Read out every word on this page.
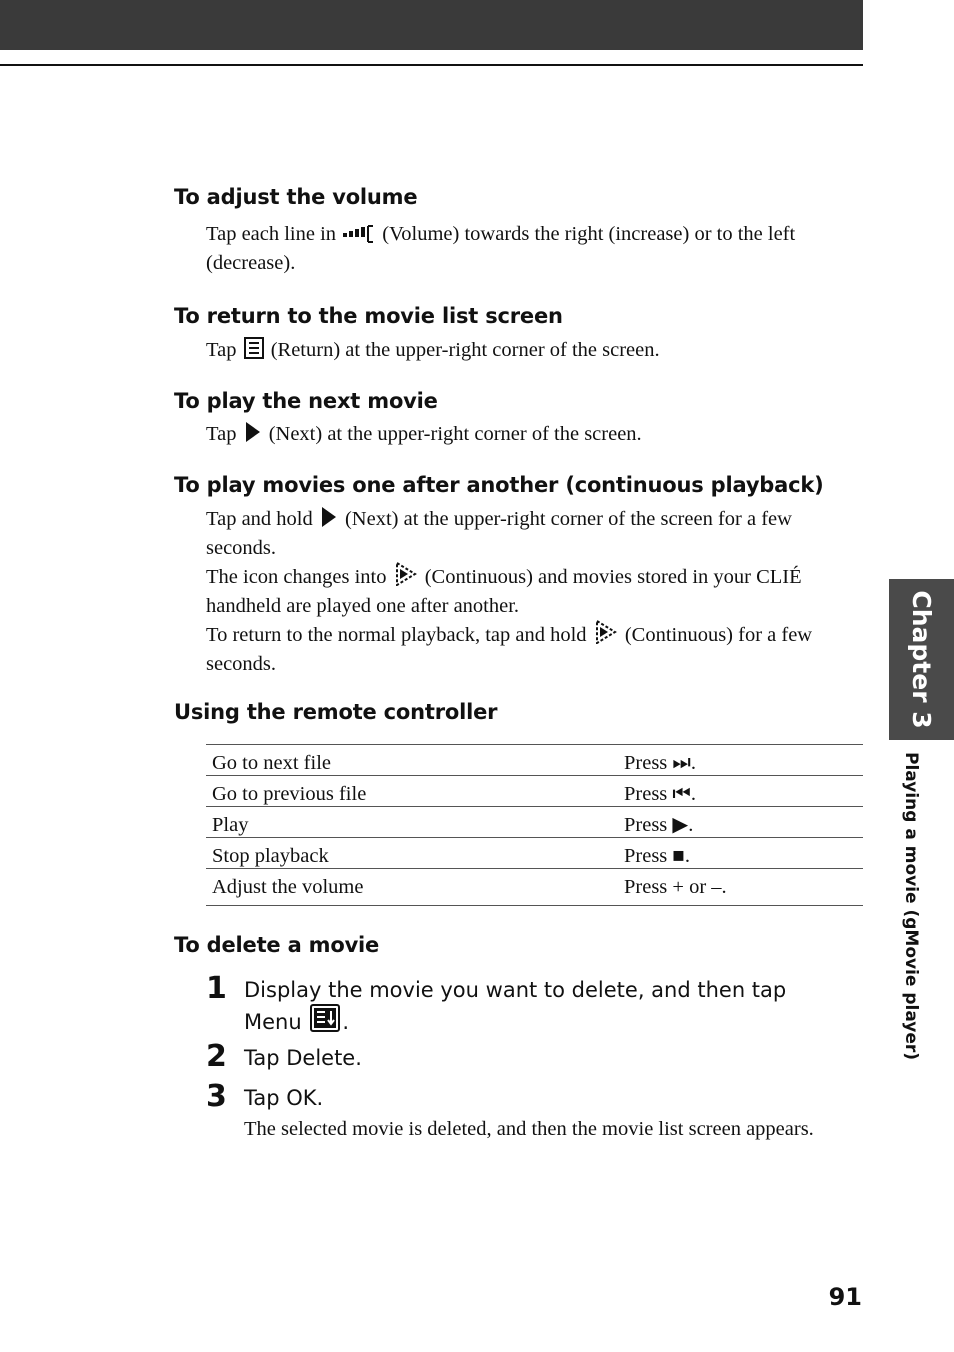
To adjust the volume

Tap each line in (Volume) towards the right (increase) or to the left (decrease).

To return to the movie list screen

Tap (Return) at the upper-right corner of the screen.

To play the next movie

Tap (Next) at the upper-right corner of the screen.

To play movies one after another (continuous playback)

Tap and hold (Next) at the upper-right corner of the screen for a few seconds.

The icon changes into (Continuous) and movies stored in your CLIÉ handheld are played one after another.

To return to the normal playback, tap and hold (Continuous) for a few seconds.

Using the remote controller
Go to next file	Press ⏭.
Go to previous file	Press ⏮.
Play	Press ▶.
Stop playback	Press ■.
Adjust the volume	Press + or –.
To delete a movie
1 Display the movie you want to delete, and then tap Menu .
2 Tap Delete.
3 Tap OK.
The selected movie is deleted, and then the movie list screen appears.
Chapter 3
Playing a movie (gMovie player)
91
